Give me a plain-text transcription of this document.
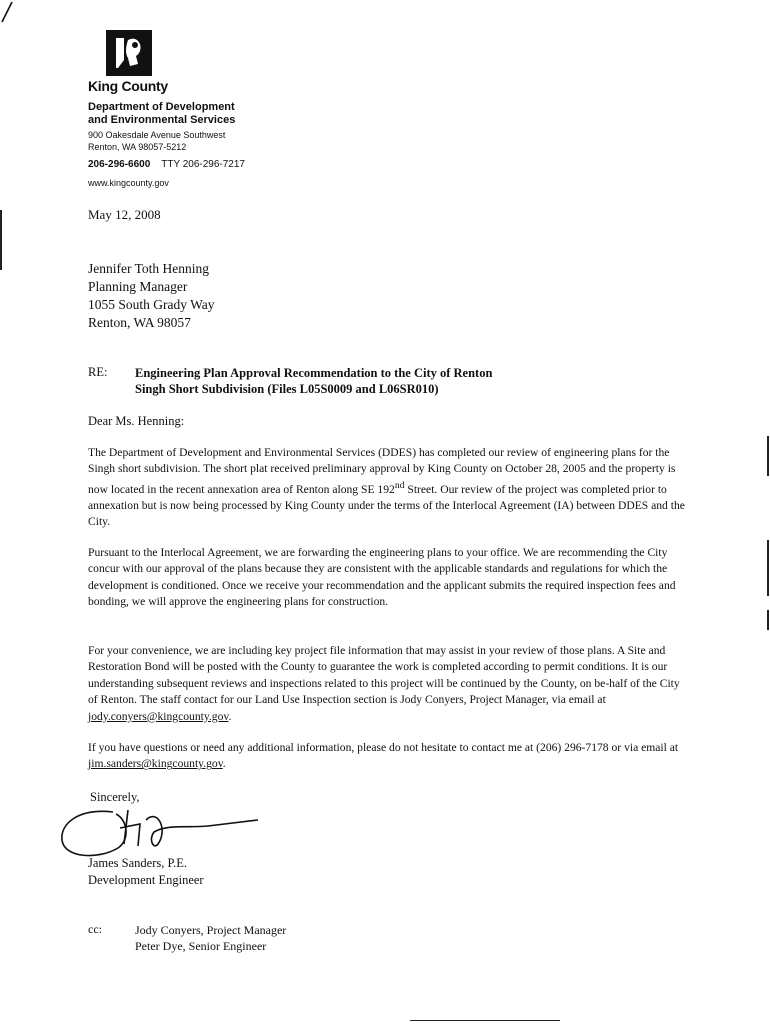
King County
Department of Development
and Environmental Services
900 Oakesdale Avenue Southwest
Renton, WA 98057-5212
206-296-6600 TTY 206-296-7217
www.kingcounty.gov
May 12, 2008
Jennifer Toth Henning
Planning Manager
1055 South Grady Way
Renton, WA 98057
RE: Engineering Plan Approval Recommendation to the City of Renton
Singh Short Subdivision (Files L05S0009 and L06SR010)
Dear Ms. Henning:
The Department of Development and Environmental Services (DDES) has completed our review of engineering plans for the Singh short subdivision. The short plat received preliminary approval by King County on October 28, 2005 and the property is now located in the recent annexation area of Renton along SE 192nd Street. Our review of the project was completed prior to annexation but is now being processed by King County under the terms of the Interlocal Agreement (IA) between DDES and the City.
Pursuant to the Interlocal Agreement, we are forwarding the engineering plans to your office. We are recommending the City concur with our approval of the plans because they are consistent with the applicable standards and regulations for which the development is conditioned. Once we receive your recommendation and the applicant submits the required inspection fees and bonding, we will approve the engineering plans for construction.
For your convenience, we are including key project file information that may assist in your review of those plans. A Site and Restoration Bond will be posted with the County to guarantee the work is completed according to permit conditions. It is our understanding subsequent reviews and inspections related to this project will be continued by the County, on be-half of the City of Renton. The staff contact for our Land Use Inspection section is Jody Conyers, Project Manager, via email at jody.conyers@kingcounty.gov.
If you have questions or need any additional information, please do not hesitate to contact me at (206) 296-7178 or via email at jim.sanders@kingcounty.gov.
Sincerely,
James Sanders, P.E.
Development Engineer
cc:	Jody Conyers, Project Manager
Peter Dye, Senior Engineer
